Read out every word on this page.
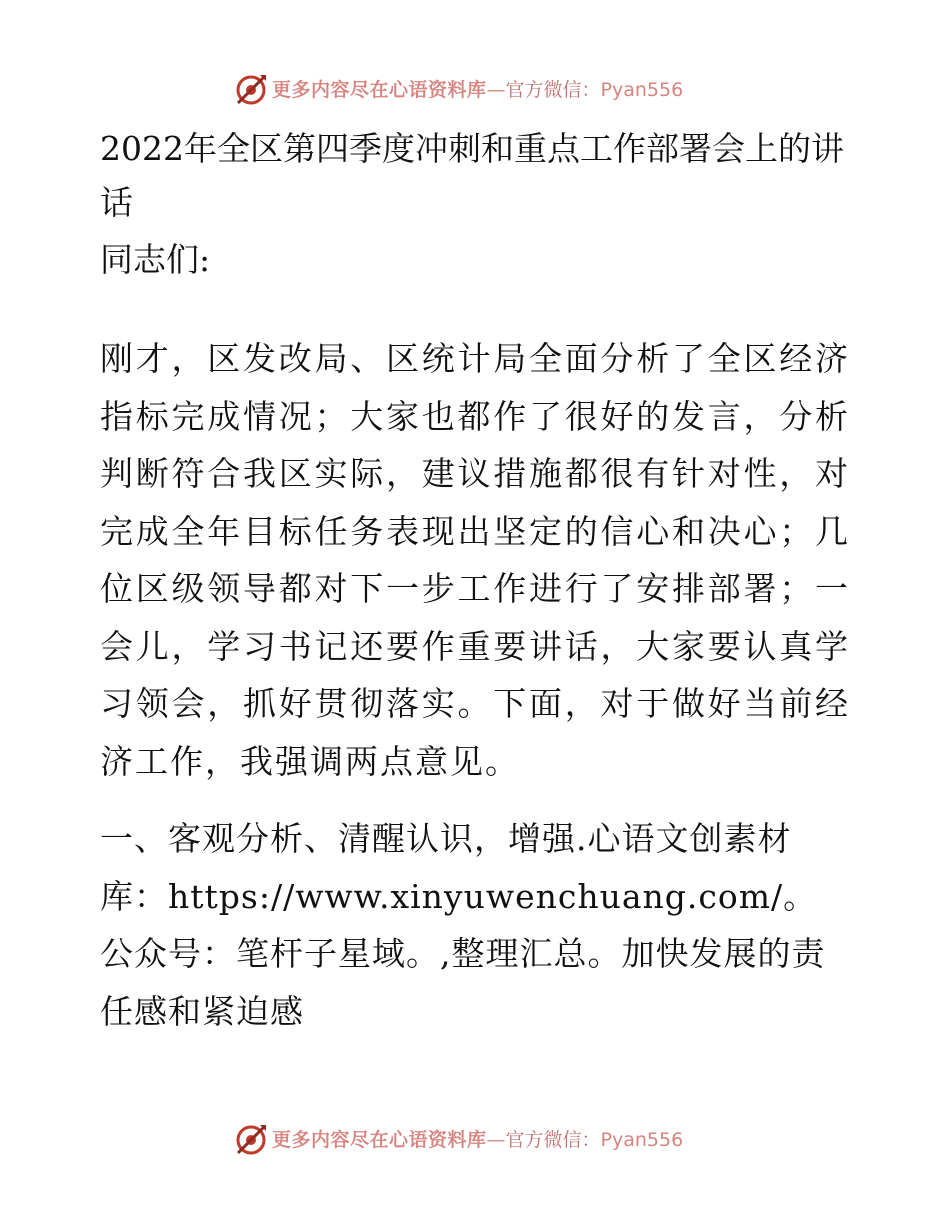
更多内容尽在心语资料库—官方微信：Pyan556
2022年全区第四季度冲刺和重点工作部署会上的讲话
同志们:

刚才，区发改局、区统计局全面分析了全区经济指标完成情况；大家也都作了很好的发言，分析判断符合我区实际，建议措施都很有针对性，对完成全年目标任务表现出坚定的信心和决心；几位区级领导都对下一步工作进行了安排部署；一会儿，学习书记还要作重要讲话，大家要认真学习领会，抓好贯彻落实。下面，对于做好当前经济工作，我强调两点意见。

一、客观分析、清醒认识，增强.心语文创素材库：https://www.xinyuwenchuang.com/。公众号：笔杆子星域。,整理汇总。加快发展的责任感和紧迫感

更多内容尽在心语资料库—官方微信：Pyan556
